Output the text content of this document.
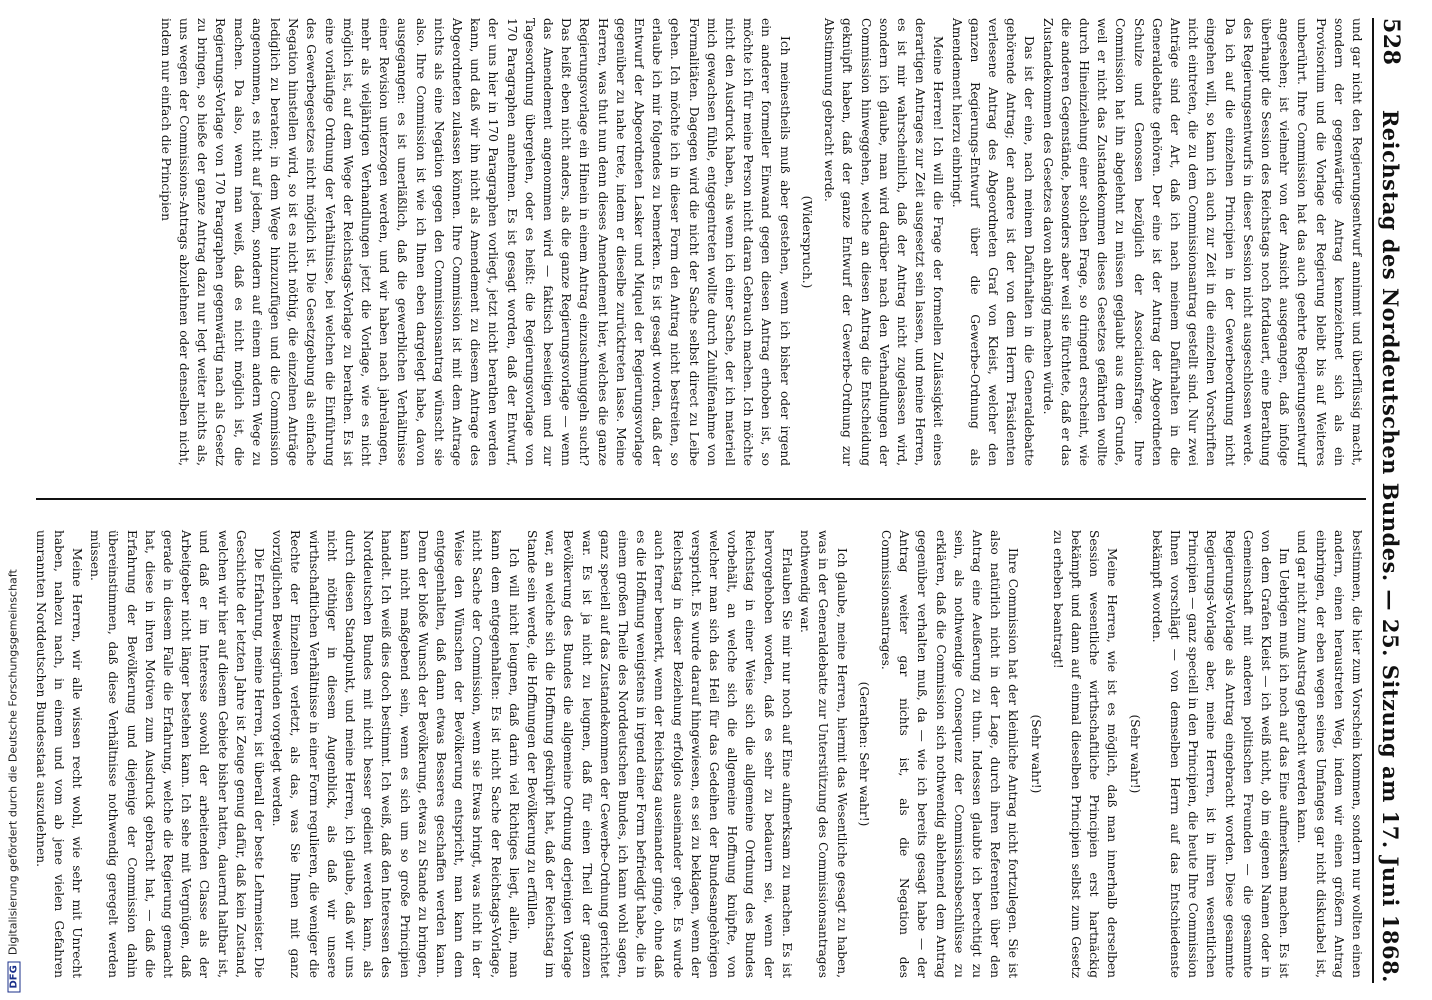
528
Reichstag des Norddeutschen Bundes. — 25. Sitzung am 17. Juni 1868.

und gar nicht den Regierungsentwurf annimmt und überflüssig macht, sondern der gegenwärtige Antrag kennzeichnet sich als ein Provisorium und die Vorlage der Regierung bleibt bis auf Weiteres unberührt. Ihre Commission hat das auch geehrte Regierungsentwurf angesehen; ist vielmehr von der Ansicht ausgegangen, daß infolge überhaupt die Session des Reichstags noch fortdauert, eine Berathung des Regierungsentwurfs in dieser Session nicht ausgeschlossen werde. Da ich auf die einzelnen Principien in der Gewerbeordnung nicht eingehen will, so kann ich auch zur Zeit in die einzelnen Vorschriften nicht eintreten, die zu dem Commissionsantrag gestellt sind. Nur zwei Anträge sind der Art, daß ich nach meinem Dafürhalten in die Generaldebatte gehören. Der eine ist der Antrag der Abgeordneten Schulze und Genossen bezüglich der Associationsfrage. Ihre Commission hat ihn abgelehnt zu müssen geglaubt aus dem Grunde, weil er nicht das Zustandekommen dieses Gesetzes gefährden wollte durch Hineinziehung einer solchen Frage, so dringend erscheint, wie die anderen Gegenstände, besonders aber weil sie fürchtete, daß er das Zustandekommen des Gesetzes davon abhängig machen würde.

Das ist der eine, nach meinem Dafürhalten in die Generaldebatte gehörende Antrag; der andere ist der von dem Herrn Präsidenten verlesene Antrag des Abgeordneten Graf von Kleist, welcher den ganzen Regierungs-Entwurf über die Gewerbe-Ordnung als Amendement hierzu einbringt.

Meine Herren! Ich will die Frage der formellen Zulässigkeit eines derartigen Antrages zur Zeit ausgesetzt sein lassen, und meine Herren, es ist mir wahrscheinlich, daß der Antrag nicht zugelassen wird, sondern ich glaube, man wird darüber nach den Verhandlungen der Commission hinweggehen, welche an diesen Antrag die Entscheidung geknüpft haben, daß der ganze Entwurf der Gewerbe-Ordnung zur Abstimmung gebracht werde.

(Widerspruch.)

Ich meinestheils muß aber gestehen, wenn ich bisher oder irgend ein anderer formeller Einwand gegen diesen Antrag erhoben ist, so möchte ich für meine Person nicht daran Gebrauch machen. Ich möchte nicht den Ausdruck haben, als wenn ich einer Sache, der ich materiell mich gewachsen fühle, entgegentreten wollte durch Zuhülfenahme von Formalitäten. Dagegen wird die nicht der Sache selbst direct zu Leibe gehen. Ich möchte ich in dieser Form den Antrag nicht bestreiten, so erlaube ich mir folgendes zu bemerken. Es ist gesagt worden, daß der Entwurf der Abgeordneten Lasker und Miquel der Regierungsvorlage gegenüber zu nahe trete, indem er dieselbe zurücktreten lasse. Meine Herren, was thut nun denn dieses Amendement hier, welches die ganze Regierungsvorlage ein Hinein in einem Antrag einzuschmuggeln sucht? Das heißt eben nicht anders, als die ganze Regierungsvorlage — wenn das Amendement angenommen wird — faktisch beseitigen und zur Tagesordnung übergehen, oder es heißt: die Regierungsvorlage von 170 Paragraphen annehmen. Es ist gesagt worden, daß der Entwurf, der uns hier in 170 Paragraphen vorliegt, jetzt nicht berathen werden kann, und daß wir ihn nicht als Amendement zu diesem Antrage des Abgeordneten zulassen können. Ihre Commission ist mit dem Antrage nichts als eine Negation gegen den Commissionsantrag wünscht sie also. Ihre Commission ist wie ich Ihnen eben dargelegt habe, davon ausgegangen: es ist unerläßlich, daß die gewerblichen Verhältnisse einer Revision unterzogen werden, und wir haben nach jahrelangen, mehr als vieljährigen Verhandlungen jetzt die Vorlage, wie es nicht möglich ist, auf dem Wege der Reichstags-Vorlage zu berathen. Es ist eine vorläufige Ordnung der Verhältnisse, bei welchen die Einführung des Gewerbegesetzes nicht möglich ist. Die Gesetzgebung als einfache Negation hinstellen wird, so ist es nicht nöthig, die einzelnen Anträge lediglich zu beraten; in dem Wege hinzuzufügen und die Commission angenommen, es nicht auf jedem, sondern auf einem andern Wege zu machen. Da also, wenn man weiß, daß es nicht möglich ist, die Regierungs-Vorlage von 170 Paragraphen gegenwärtig nach als Gesetz zu bringen, so hieße der ganze Antrag dazu nur legt weiter nichts als, uns wegen der Commissions-Antrags abzulehnen oder denselben nicht, indem nur einfach die Principien

bestimmen, die hier zum Vorschein kommen, sondern nur wollten einen andern, einen heraustreten Weg, indem wir einen größern Antrag einbringen, der eben wegen seines Umfanges gar nicht diskutabel ist, und gar nicht zum Austrag gebracht werden kann.

Im Uebrigen muß ich noch auf das Eine aufmerksam machen. Es ist von dem Grafen Kleist — ich weiß nicht, ob im eigenen Namen oder in Gemeinschaft mit anderen politischen Freunden — die gesammte Regierungs-Vorlage als Antrag eingebracht worden. Diese gesammte Regierungs-Vorlage aber, meine Herren, ist in ihren wesentlichen Principien — ganz speciell in den Principien, die heute Ihre Commission Ihnen vorschlägt — von demselben Herrn auf das Entschiedenste bekämpft worden.

(Sehr wahr!)

Meine Herren, wie ist es möglich, daß man innerhalb derselben Session wesentliche wirthschaftliche Principien erst hartnäckig bekämpft und dann auf einmal dieselben Principien selbst zum Gesetz zu erheben beantragt!

(Sehr wahr!)

Ihre Commission hat der kleinliche Antrag nicht fortzulegen. Sie ist also natürlich nicht in der Lage, durch ihren Referenten über den Antrag eine Aeußerung zu thun. Indessen glaubte ich berechtigt zu sein, als nothwendige Consequenz der Commissionsbeschlüsse zu erklären, daß die Commission sich nothwendig ablehnend dem Antrag gegenüber verhalten muß, da — wie ich bereits gesagt habe — der Antrag weiter gar nichts ist, als die Negation des Commissionsantrages.

(Gerathen: Sehr wahr!)

Ich glaube, meine Herren, hiermit das Wesentliche gesagt zu haben, was in der Generaldebatte zur Unterstützung des Commissionsantrages nothwendig war.

Erlauben Sie mir nur noch auf Eine aufmerksam zu machen. Es ist hervorgehoben worden, daß es sehr zu bedauern sei, wenn der Reichstag in einer Weise sich die allgemeine Ordnung des Bundes vorbehält, an welche sich die allgemeine Hoffnung knüpfte, von welcher man sich das Heil für das Gedeihen der Bundesangehörigen verspricht. Es wurde darauf hingewiesen, es sei zu beklagen, wenn der Reichstag in dieser Beziehung erfolglos auseinander gehe. Es wurde auch ferner bemerkt, wenn der Reichstag auseinander ginge, ohne daß es die Hoffnung wenigstens in irgend einer Form befriedigt habe, die in einem großen Theile des Norddeutschen Bundes, ich kann wohl sagen, ganz speciell auf das Zustandekommen der Gewerbe-Ordnung gerichtet war. Es ist ja nicht zu leugnen, daß für einen Theil der ganzen Bevölkerung des Bundes die allgemeine Ordnung derjenigen Vorlage war, an welche sich die Hoffnung geknüpft hat, daß der Reichstag im Stande sein werde, die Hoffnungen der Bevölkerung zu erfüllen.

Ich will nicht leugnen, daß darin viel Richtiges liegt, allein, man kann dem entgegenhalten: Es ist nicht Sache der Reichstags-Vorlage, nicht Sache der Commission, wenn sie Etwas bringt, was nicht in der Weise den Wünschen der Bevölkerung entspricht, man kann dem entgegenhalten, daß dann etwas Besseres geschaffen werden kann. Denn der bloße Wunsch der Bevölkerung, etwas zu Stande zu bringen, kann nicht maßgebend sein, wenn es sich um so große Principien handelt. Ich weiß dies doch bestimmt. Ich weiß, daß den Interessen des Norddeutschen Bundes mit nicht besser gedient werden kann, als durch diesen Standpunkt, und meine Herren, ich glaube, daß wir uns nicht nöthiger in diesem Augenblick, als daß wir unsere wirthschaftlichen Verhältnisse in einer Form regulieren, die weniger die Rechte der Einzelnen verletzt, als das, was Sie Ihnen mit ganz vorzüglichen Beweisgründen vorgelegt werden.

Die Erfahrung, meine Herren, ist überall der beste Lehrmeister. Die Geschichte der letzten Jahre ist Zeuge genug dafür, daß kein Zustand, welchen wir hier auf diesem Gebiete bisher hatten, dauernd haltbar ist, und daß er im Interesse sowohl der arbeitenden Classe als der Arbeitgeber nicht länger bestehen kann. Ich sehe mit Vergnügen, daß gerade in diesem Falle die Erfahrung, welche die Regierung gemacht hat, diese in ihren Motiven zum Ausdruck gebracht hat, — daß die Erfahrung der Bevölkerung und diejenige der Commission dahin übereinstimmen, daß diese Verhältnisse nothwendig geregelt werden müssen.

Meine Herren, wir alle wissen recht wohl, wie sehr mit Unrecht haben, nahezu nach, in einem und vom ab jene vielen Gefahren umrannten Norddeutschen Bundesstaat auszudehnen.

DFGDigitalisierung gefördert durch die Deutsche Forschungsgemeinschaft
